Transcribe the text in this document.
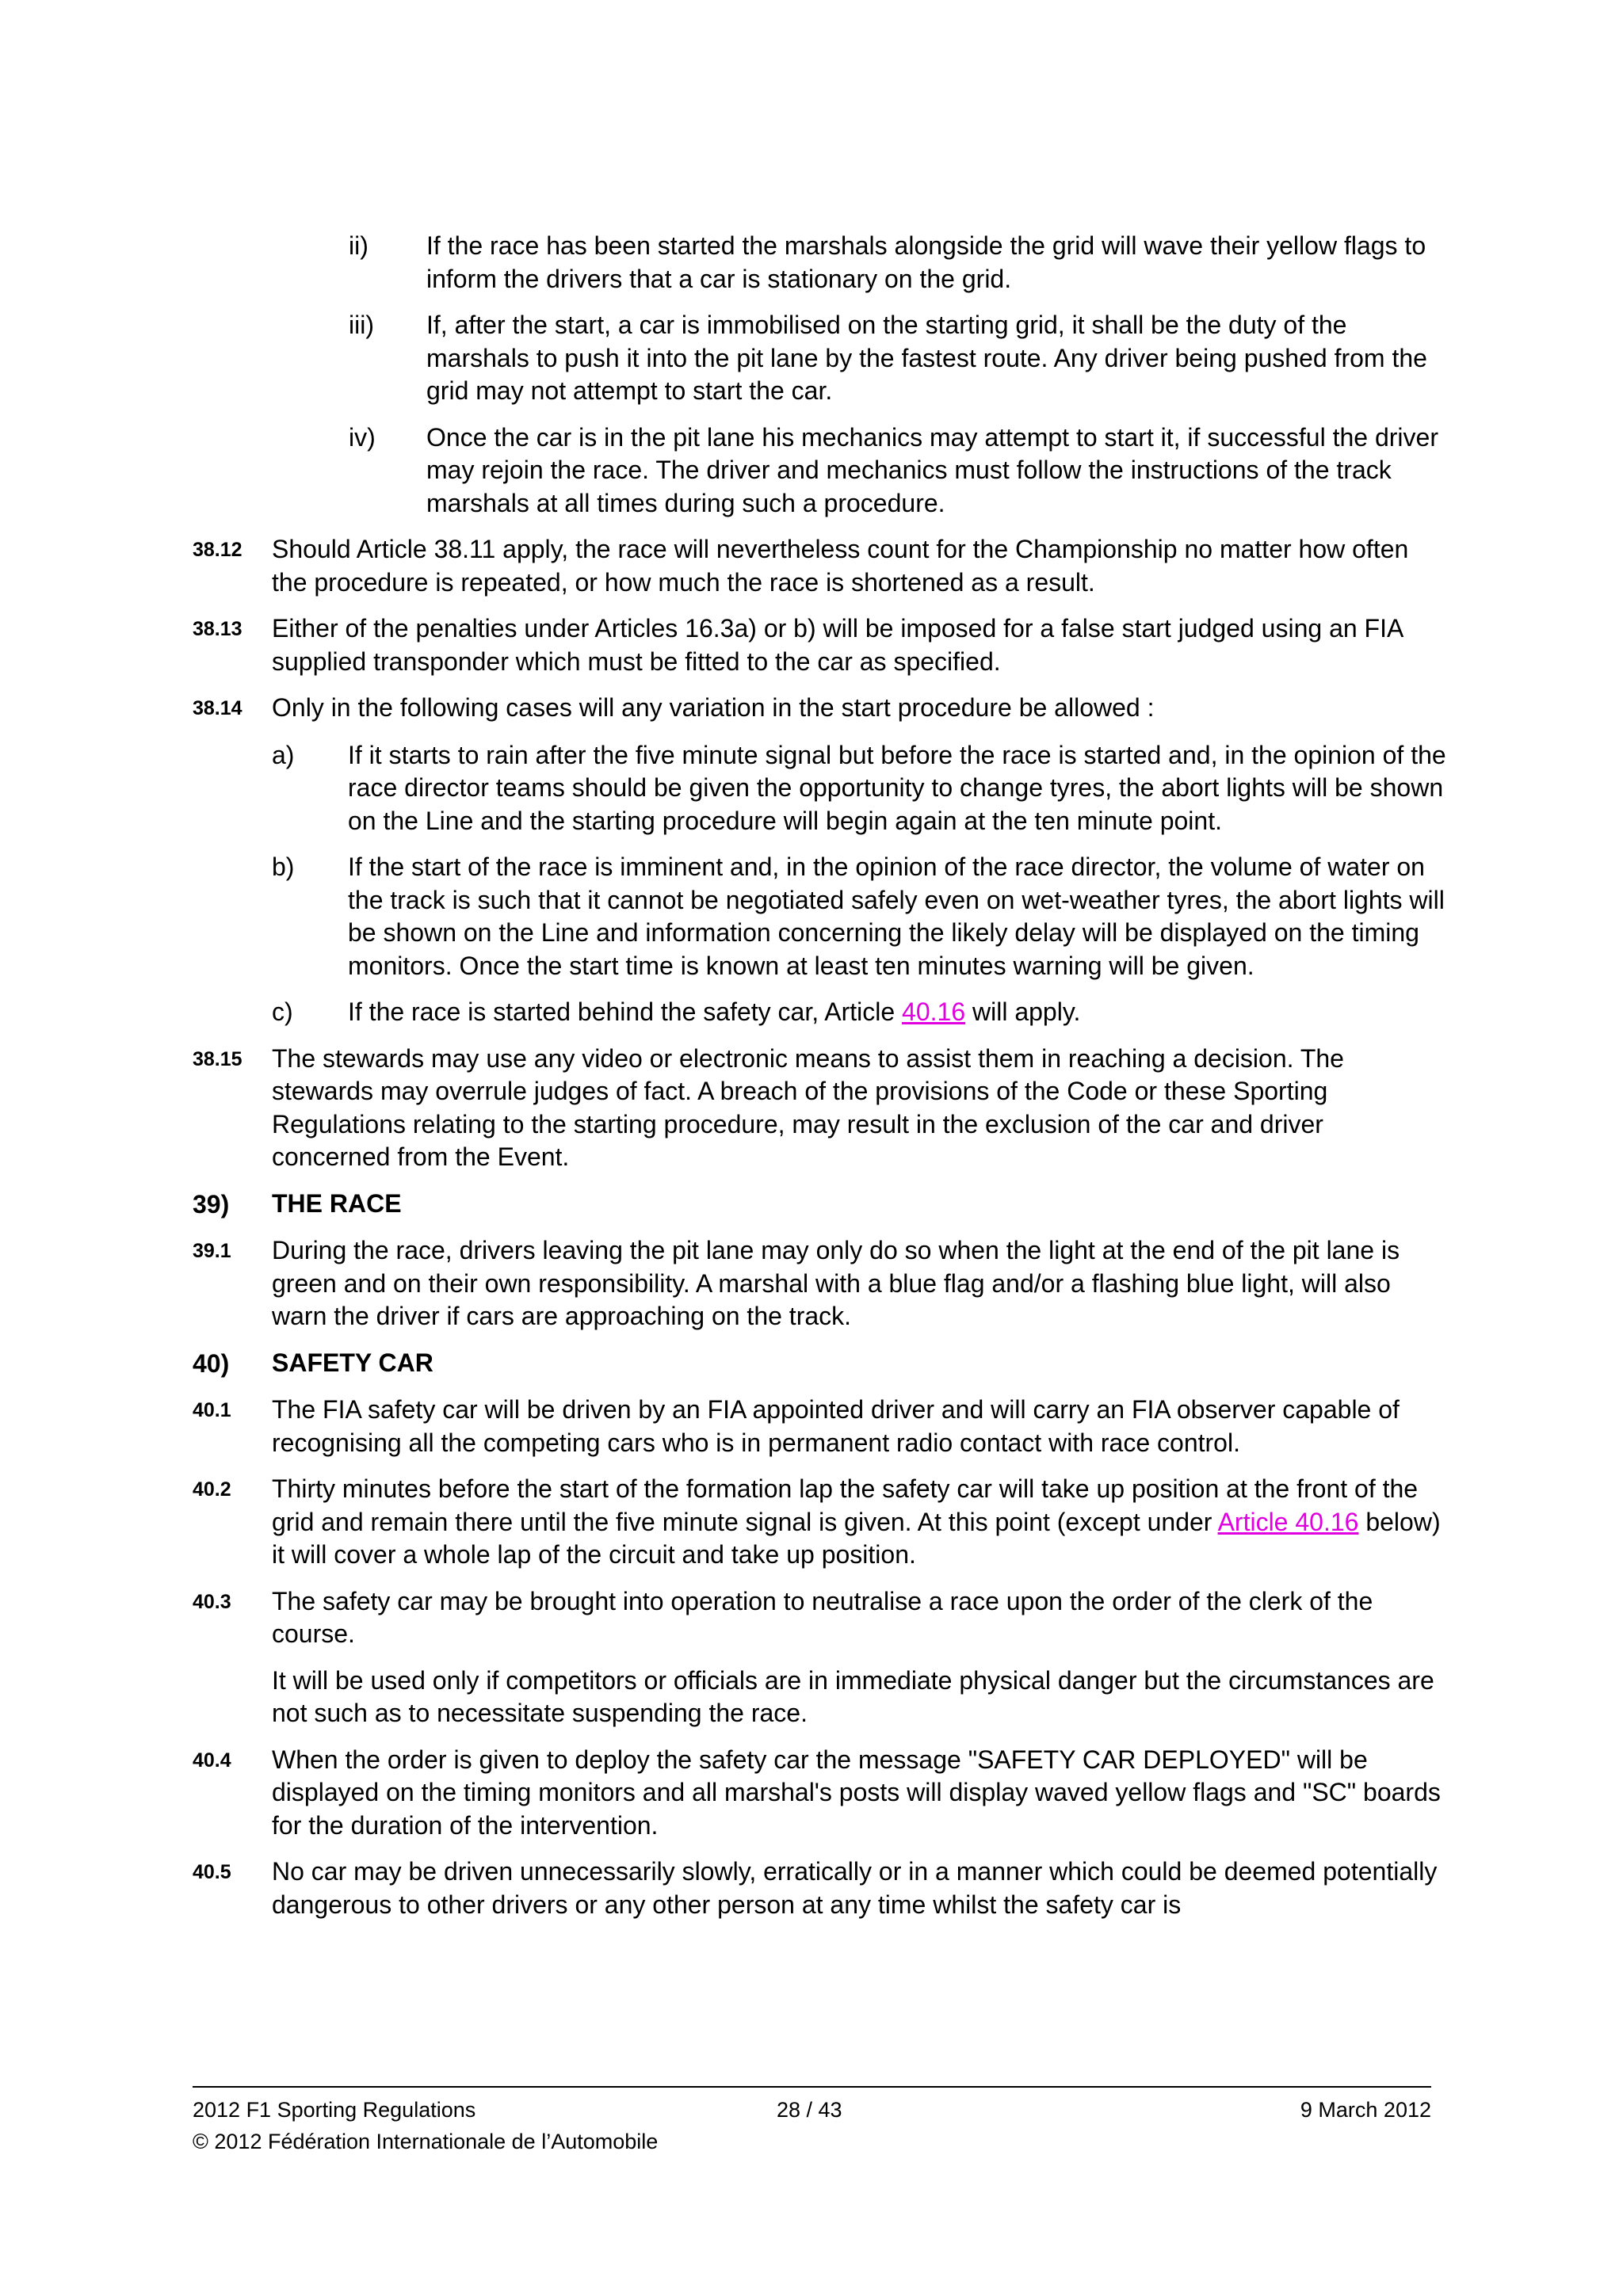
ii)	If the race has been started the marshals alongside the grid will wave their yellow flags to inform the drivers that a car is stationary on the grid.
iii)	If, after the start, a car is immobilised on the starting grid, it shall be the duty of the marshals to push it into the pit lane by the fastest route. Any driver being pushed from the grid may not attempt to start the car.
iv)	Once the car is in the pit lane his mechanics may attempt to start it, if successful the driver may rejoin the race. The driver and mechanics must follow the instructions of the track marshals at all times during such a procedure.
38.12	Should Article 38.11 apply, the race will nevertheless count for the Championship no matter how often the procedure is repeated, or how much the race is shortened as a result.
38.13	Either of the penalties under Articles 16.3a) or b) will be imposed for a false start judged using an FIA supplied transponder which must be fitted to the car as specified.
38.14	Only in the following cases will any variation in the start procedure be allowed :
a)	If it starts to rain after the five minute signal but before the race is started and, in the opinion of the race director teams should be given the opportunity to change tyres, the abort lights will be shown on the Line and the starting procedure will begin again at the ten minute point.
b)	If the start of the race is imminent and, in the opinion of the race director, the volume of water on the track is such that it cannot be negotiated safely even on wet-weather tyres, the abort lights will be shown on the Line and information concerning the likely delay will be displayed on the timing monitors. Once the start time is known at least ten minutes warning will be given.
c)	If the race is started behind the safety car, Article 40.16 will apply.
38.15	The stewards may use any video or electronic means to assist them in reaching a decision. The stewards may overrule judges of fact. A breach of the provisions of the Code or these Sporting Regulations relating to the starting procedure, may result in the exclusion of the car and driver concerned from the Event.
39)	THE RACE
39.1	During the race, drivers leaving the pit lane may only do so when the light at the end of the pit lane is green and on their own responsibility. A marshal with a blue flag and/or a flashing blue light, will also warn the driver if cars are approaching on the track.
40)	SAFETY CAR
40.1	The FIA safety car will be driven by an FIA appointed driver and will carry an FIA observer capable of recognising all the competing cars who is in permanent radio contact with race control.
40.2	Thirty minutes before the start of the formation lap the safety car will take up position at the front of the grid and remain there until the five minute signal is given. At this point (except under Article 40.16 below) it will cover a whole lap of the circuit and take up position.
40.3	The safety car may be brought into operation to neutralise a race upon the order of the clerk of the course.
It will be used only if competitors or officials are in immediate physical danger but the circumstances are not such as to necessitate suspending the race.
40.4	When the order is given to deploy the safety car the message "SAFETY CAR DEPLOYED" will be displayed on the timing monitors and all marshal's posts will display waved yellow flags and "SC" boards for the duration of the intervention.
40.5	No car may be driven unnecessarily slowly, erratically or in a manner which could be deemed potentially dangerous to other drivers or any other person at any time whilst the safety car is
2012 F1 Sporting Regulations	28 / 43	9 March 2012
© 2012 Fédération Internationale de l’Automobile
